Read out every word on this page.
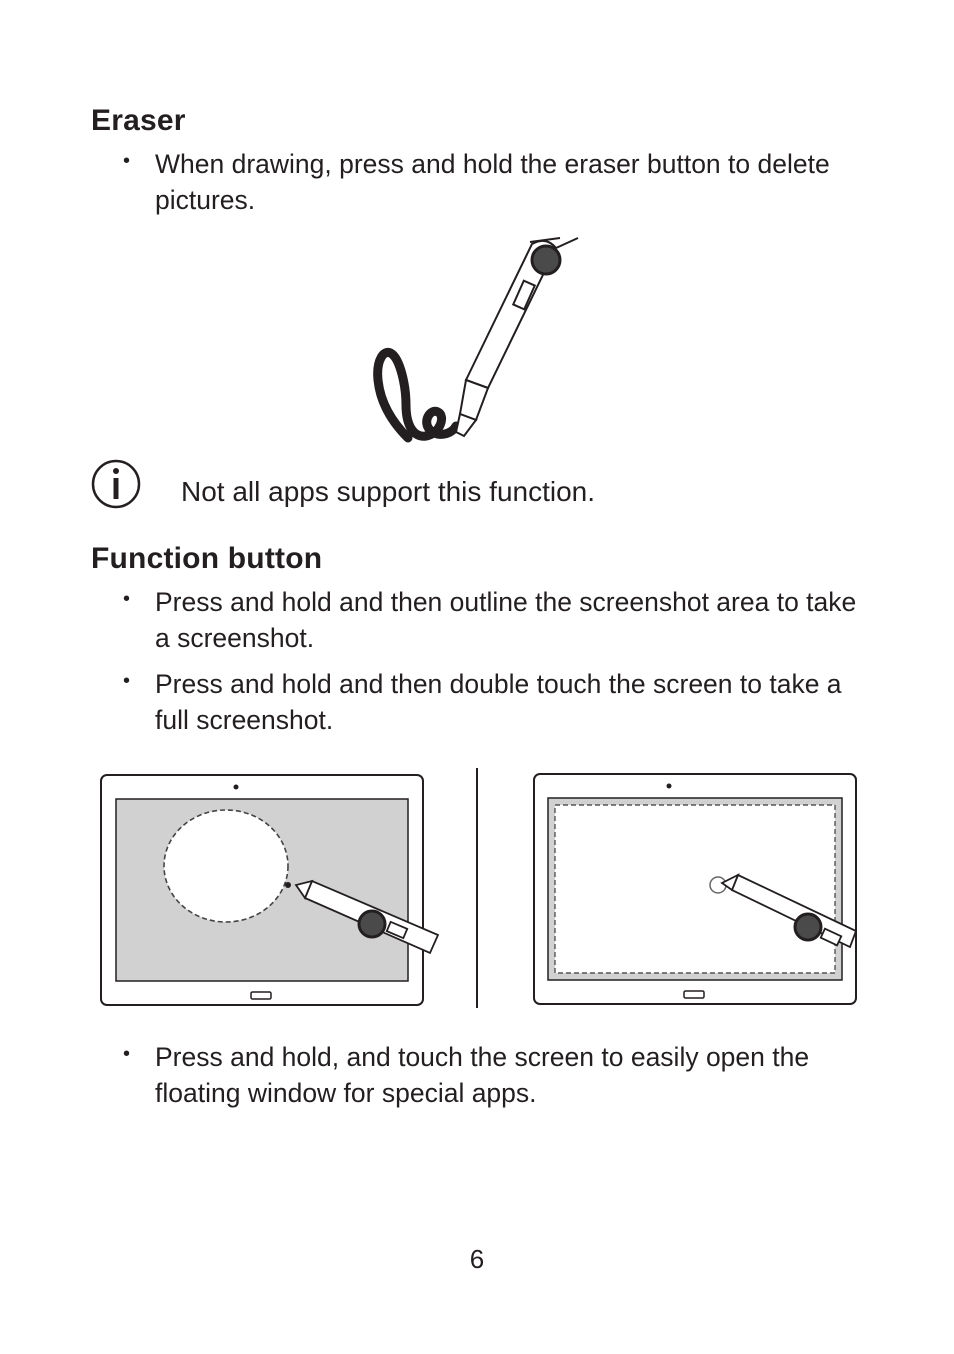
Eraser
• When drawing, press and hold the eraser button to delete pictures.
Not all apps support this function.
Function button
• Press and hold and then outline the screenshot area to take a screenshot.
• Press and hold and then double touch the screen to take a full screenshot.
• Press and hold, and touch the screen to easily open the floating window for special apps.
6
